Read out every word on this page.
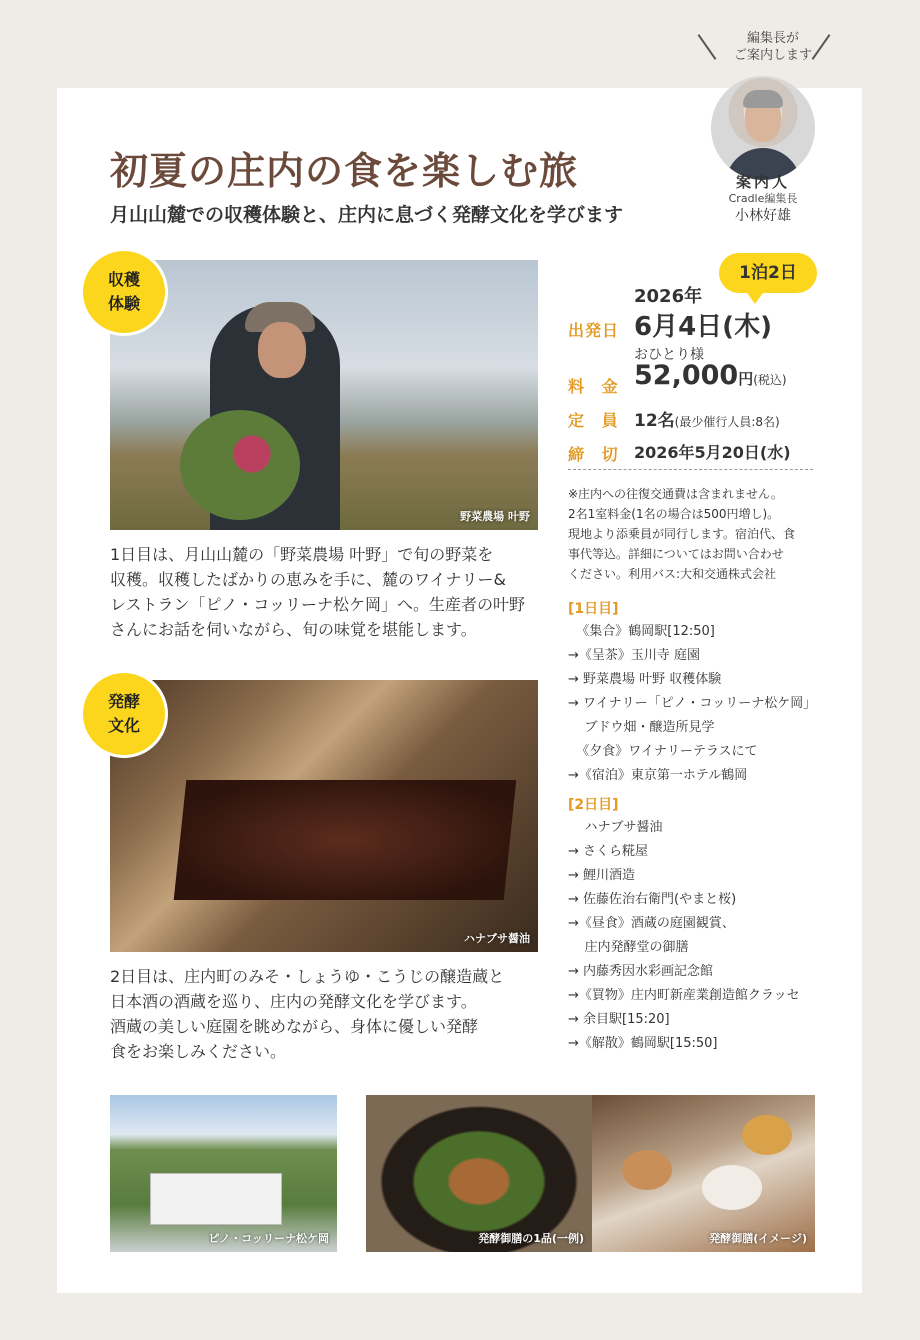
編集長が
ご案内します
案内人
Cradle編集長
小林好雄
初夏の庄内の食を楽しむ旅
月山山麓での収穫体験と、庄内に息づく発酵文化を学びます
野菜農場 叶野
収穫
体験
1日目は、月山山麓の「野菜農場 叶野」で旬の野菜を
収穫。収穫したばかりの恵みを手に、麓のワイナリー&
レストラン「ピノ・コッリーナ松ケ岡」へ。生産者の叶野
さんにお話を伺いながら、旬の味覚を堪能します。
ハナブサ醤油
発酵
文化
2日目は、庄内町のみそ・しょうゆ・こうじの醸造蔵と
日本酒の酒蔵を巡り、庄内の発酵文化を学びます。
酒蔵の美しい庭園を眺めながら、身体に優しい発酵
食をお楽しみください。
1泊2日
2026年
出発日 6月4日(木)
おひとり様
料 金 52,000円(税込)
定 員 12名(最少催行人員:8名)
締 切 2026年5月20日(水)
※庄内への往復交通費は含まれません。
2名1室料金(1名の場合は500円増し)。
現地より添乗員が同行します。宿泊代、食
事代等込。詳細についてはお問い合わせ
ください。利用バス:大和交通株式会社
[1日目]
《集合》鶴岡駅[12:50]
→《呈茶》玉川寺 庭園
→ 野菜農場 叶野 収穫体験
→ ワイナリー「ピノ・コッリーナ松ケ岡」
ブドウ畑・醸造所見学
《夕食》ワイナリーテラスにて
→《宿泊》東京第一ホテル鶴岡
[2日目]
ハナブサ醤油
→ さくら糀屋
→ 鯉川酒造
→ 佐藤佐治右衛門(やまと桜)
→《昼食》酒蔵の庭園観賞、
庄内発酵堂の御膳
→ 内藤秀因水彩画記念館
→《買物》庄内町新産業創造館クラッセ
→ 余目駅[15:20]
→《解散》鶴岡駅[15:50]
ピノ・コッリーナ松ケ岡	発酵御膳の1品(一例)	発酵御膳(イメージ)
